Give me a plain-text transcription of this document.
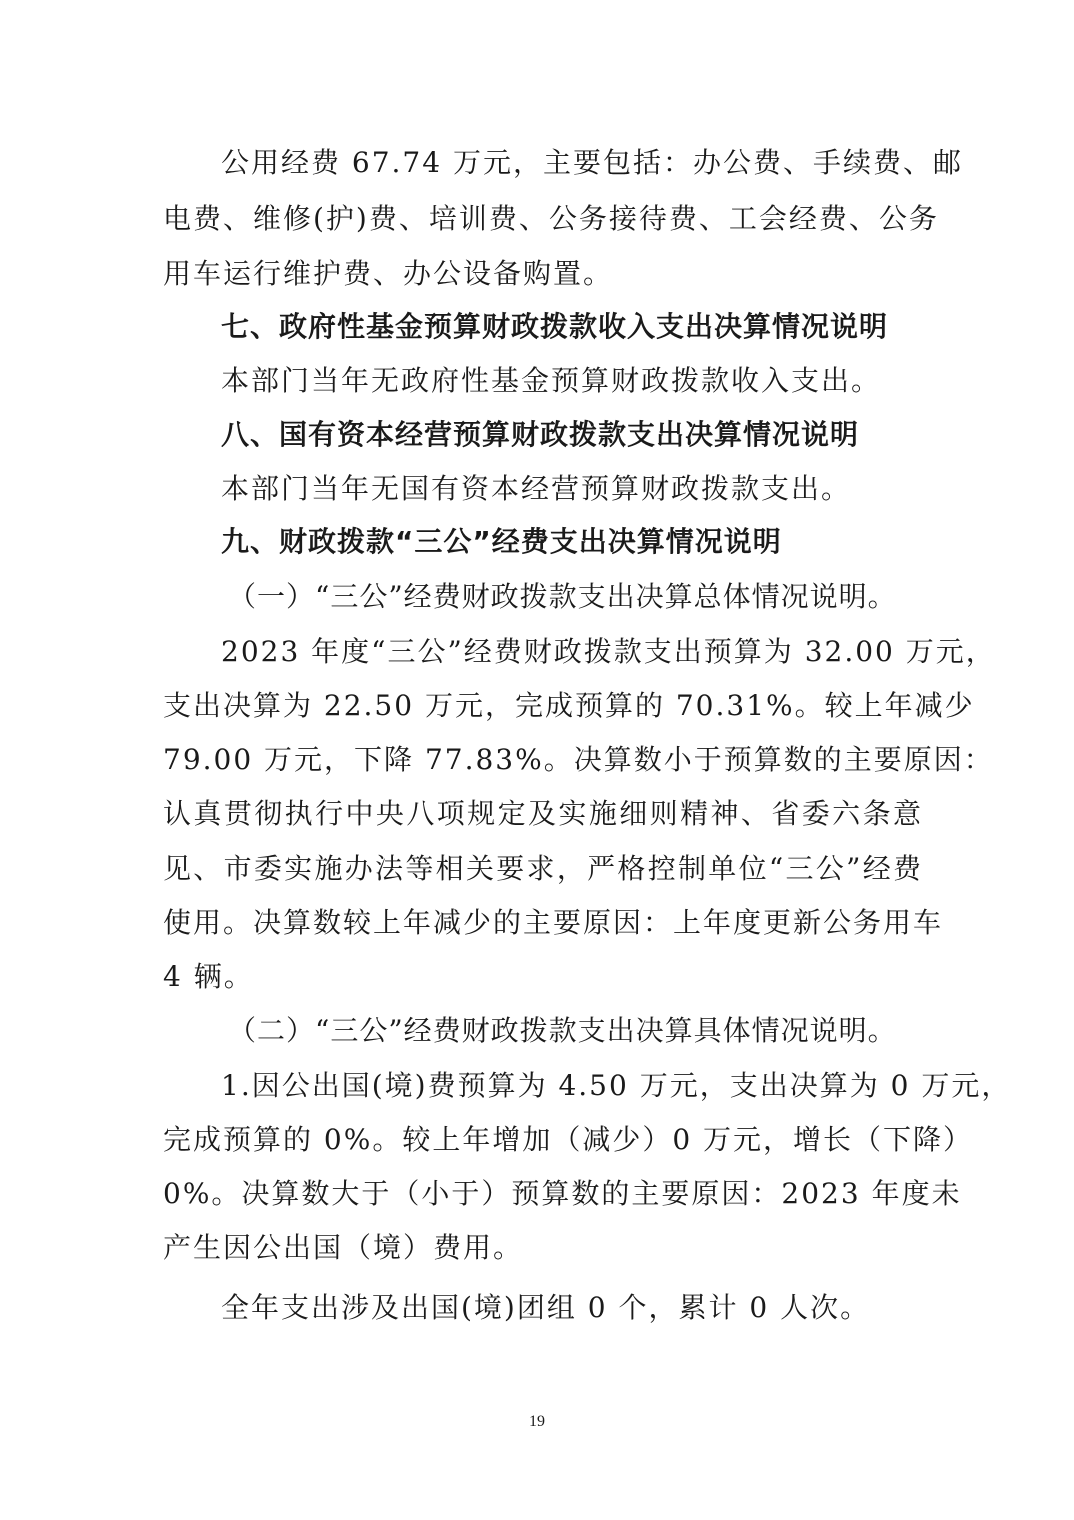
公用经费 67.74 万元，主要包括：办公费、手续费、邮
电费、维修(护)费、培训费、公务接待费、工会经费、公务
用车运行维护费、办公设备购置。
七、政府性基金预算财政拨款收入支出决算情况说明
本部门当年无政府性基金预算财政拨款收入支出。
八、国有资本经营预算财政拨款支出决算情况说明
本部门当年无国有资本经营预算财政拨款支出。
九、财政拨款“三公”经费支出决算情况说明
（一）“三公”经费财政拨款支出决算总体情况说明。
2023 年度“三公”经费财政拨款支出预算为 32.00 万元，
支出决算为 22.50 万元，完成预算的 70.31%。较上年减少
79.00 万元，下降 77.83%。决算数小于预算数的主要原因：
认真贯彻执行中央八项规定及实施细则精神、省委六条意
见、市委实施办法等相关要求，严格控制单位“三公”经费
使用。决算数较上年减少的主要原因：上年度更新公务用车
4 辆。
（二）“三公”经费财政拨款支出决算具体情况说明。
1.因公出国(境)费预算为 4.50 万元，支出决算为 0 万元，
完成预算的 0%。较上年增加（减少）0 万元，增长（下降）
0%。决算数大于（小于）预算数的主要原因：2023 年度未
产生因公出国（境）费用。
全年支出涉及出国(境)团组 0 个，累计 0 人次。
19
